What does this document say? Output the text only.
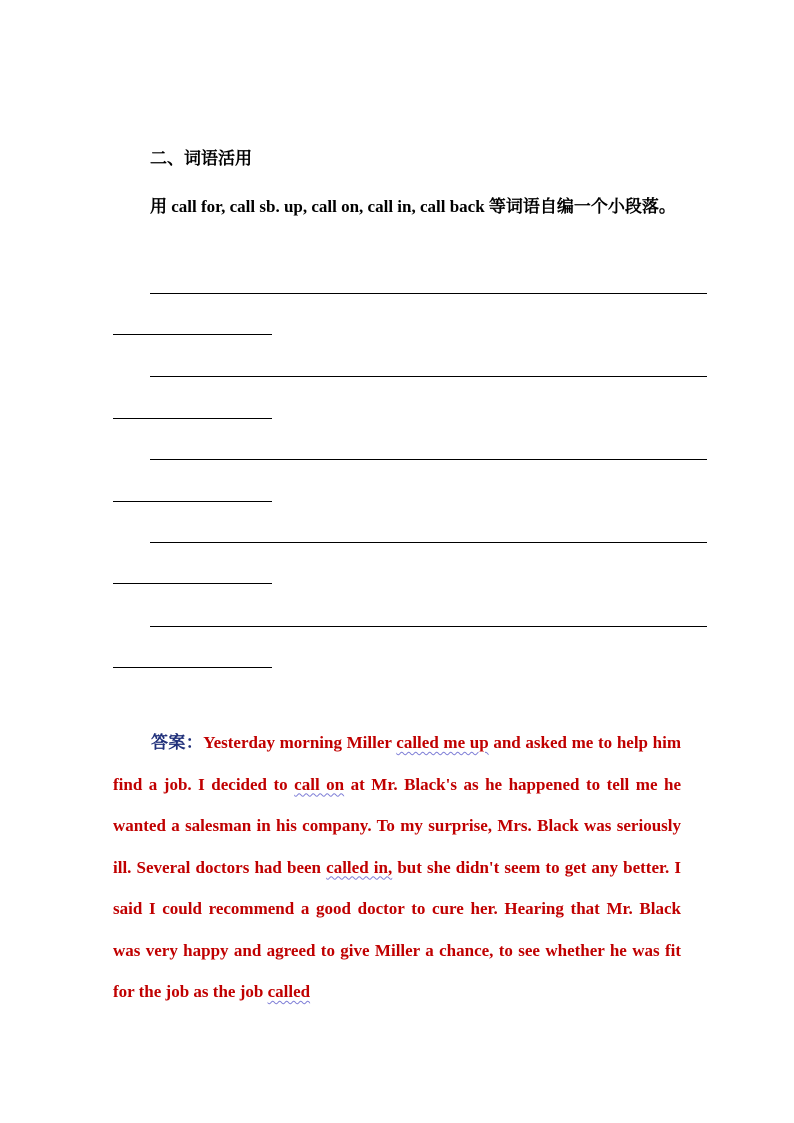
二、词语活用
用 call for, call sb. up, call on, call in, call back 等词语自编一个小段落。
答案：Yesterday morning Miller called me up and asked me to help him find a job. I decided to call on at Mr. Black's as he happened to tell me he wanted a salesman in his company. To my surprise, Mrs. Black was seriously ill. Several doctors had been called in, but she didn't seem to get any better. I said I could recommend a good doctor to cure her. Hearing that Mr. Black was very happy and agreed to give Miller a chance, to see whether he was fit for the job as the job called
